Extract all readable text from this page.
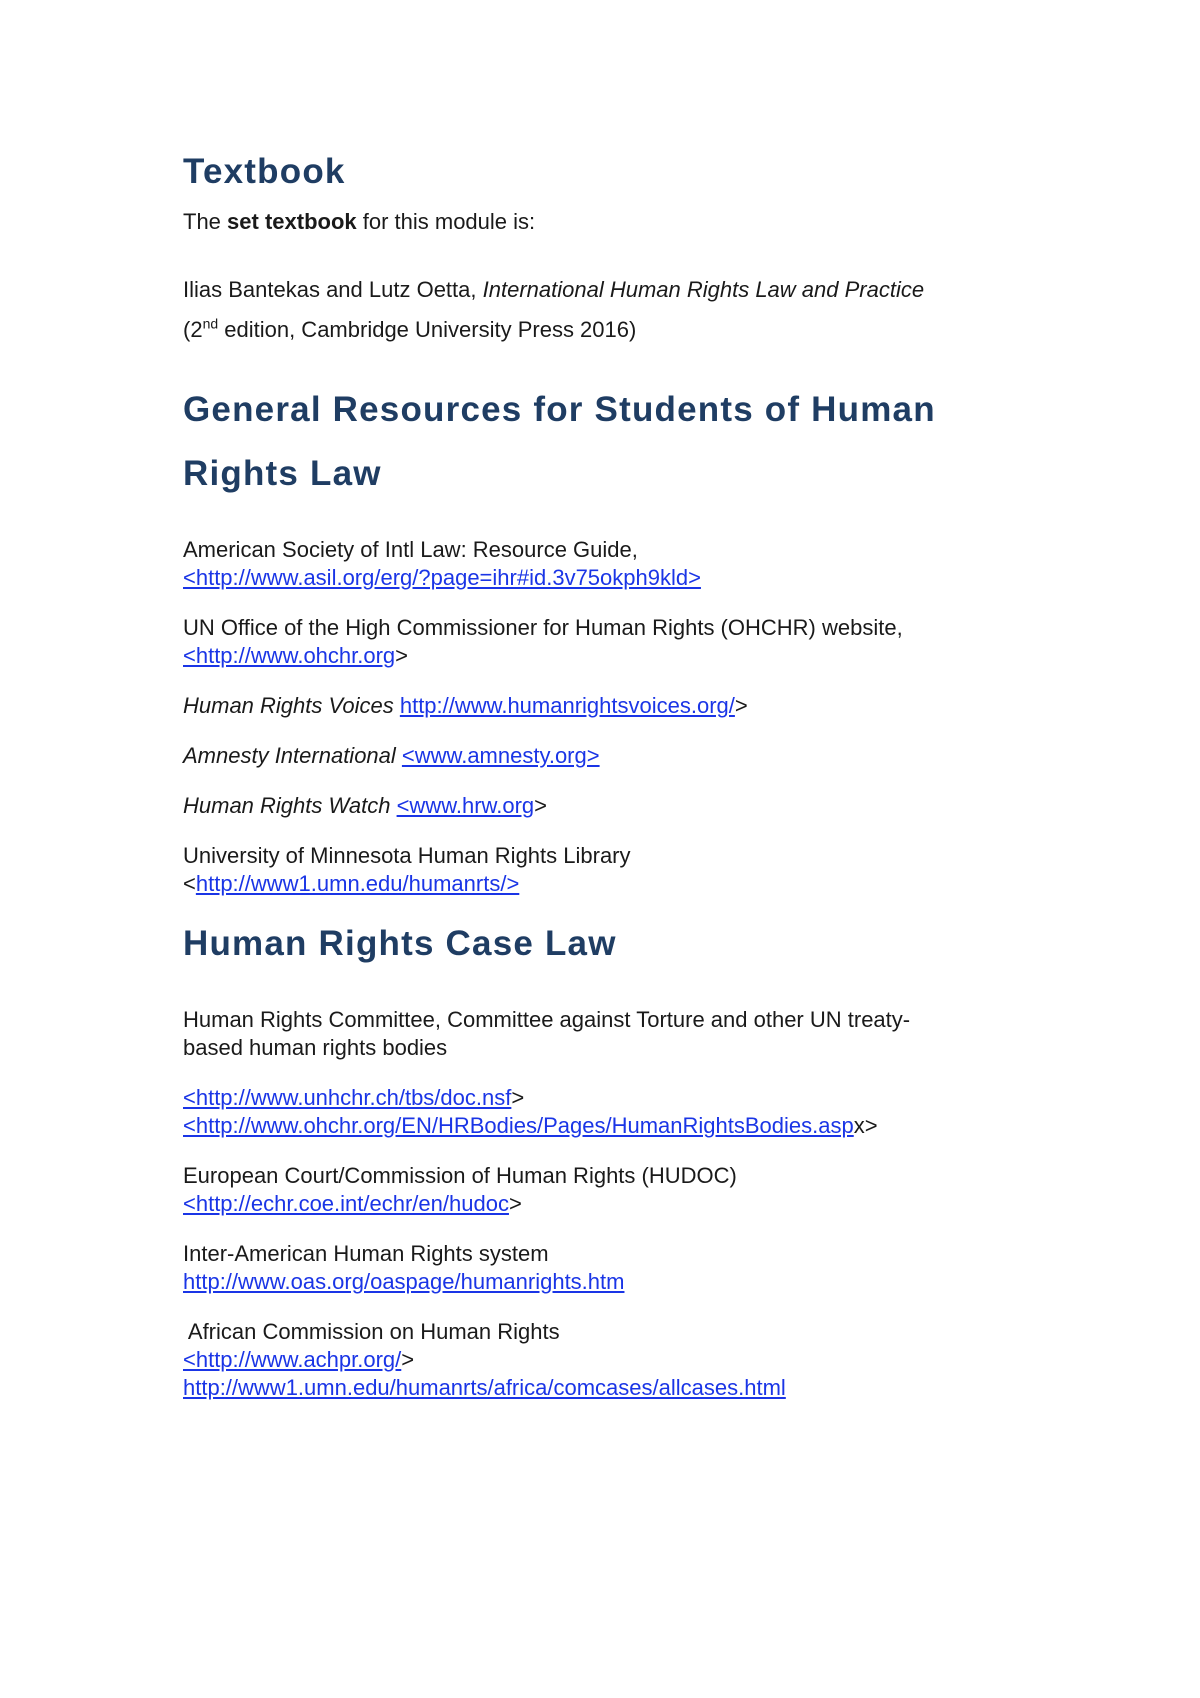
Textbook

The set textbook for this module is:

Ilias Bantekas and Lutz Oetta, International Human Rights Law and Practice
(2nd edition, Cambridge University Press 2016)

General Resources for Students of Human
Rights Law

American Society of Intl Law: Resource Guide,
<http://www.asil.org/erg/?page=ihr#id.3v75okph9kld>

UN Office of the High Commissioner for Human Rights (OHCHR) website,
<http://www.ohchr.org>

Human Rights Voices http://www.humanrightsvoices.org/>

Amnesty International <www.amnesty.org>

Human Rights Watch <www.hrw.org>

University of Minnesota Human Rights Library
<http://www1.umn.edu/humanrts/>

Human Rights Case Law

Human Rights Committee, Committee against Torture and other UN treaty-
based human rights bodies

<http://www.unhchr.ch/tbs/doc.nsf>
<http://www.ohchr.org/EN/HRBodies/Pages/HumanRightsBodies.aspx>

European Court/Commission of Human Rights (HUDOC)
<http://echr.coe.int/echr/en/hudoc>

Inter-American Human Rights system
http://www.oas.org/oaspage/humanrights.htm

African Commission on Human Rights
<http://www.achpr.org/>
http://www1.umn.edu/humanrts/africa/comcases/allcases.html
